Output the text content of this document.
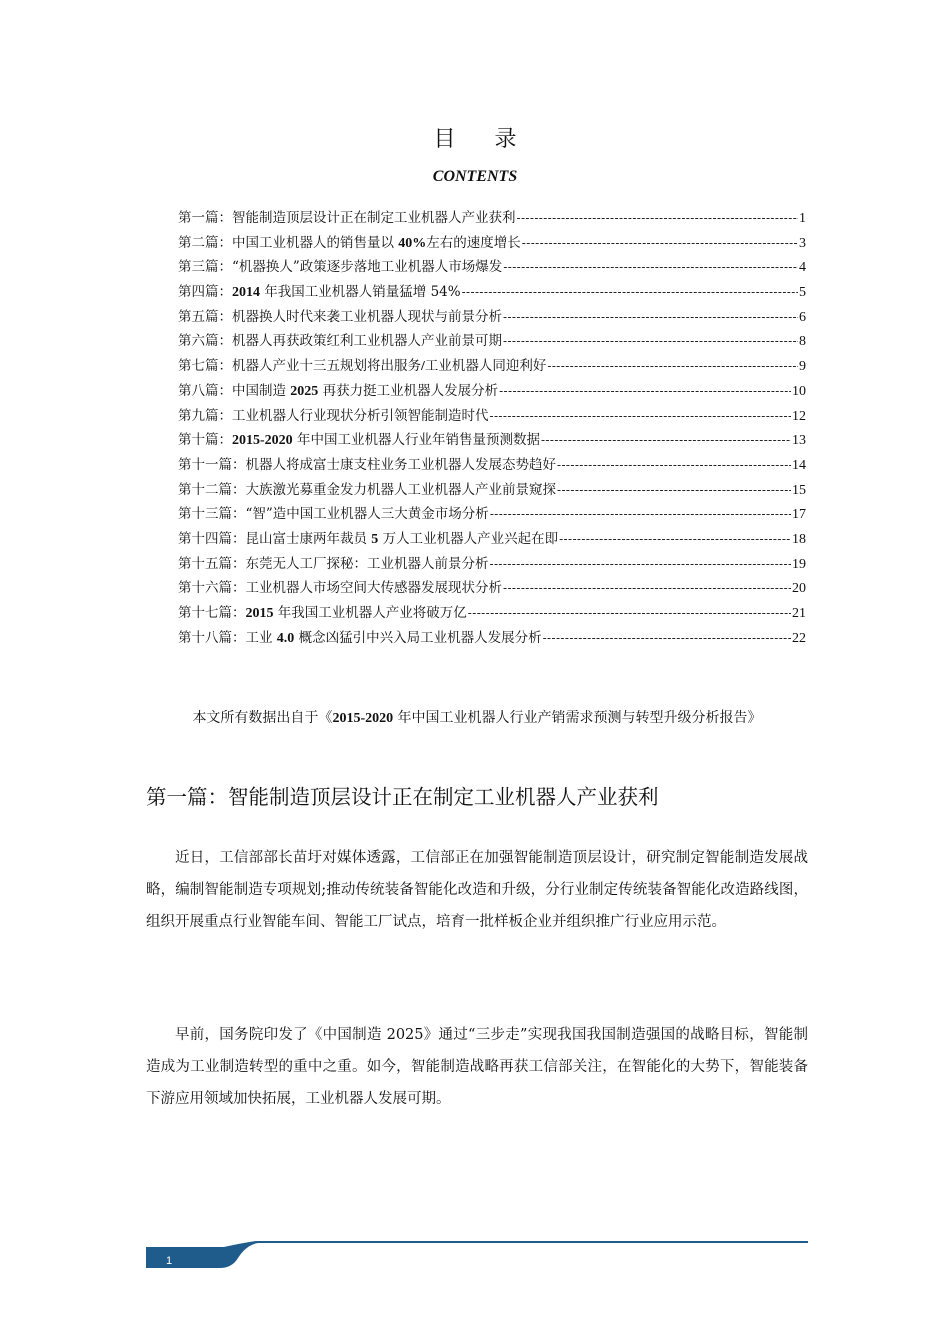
目 录
CONTENTS
第一篇：智能制造顶层设计正在制定工业机器人产业获利 -----	1
第二篇：中国工业机器人的销售量以 40%左右的速度增长 -----	3
第三篇：“机器换人”政策逐步落地工业机器人市场爆发 -----	4
第四篇：2014 年我国工业机器人销量猛增 54% -----	5
第五篇：机器换人时代来袭工业机器人现状与前景分析 -----	6
第六篇：机器人再获政策红利工业机器人产业前景可期 -----	8
第七篇：机器人产业十三五规划将出服务/工业机器人同迎利好 -----	9
第八篇：中国制造 2025 再获力挺工业机器人发展分析 -----	10
第九篇：工业机器人行业现状分析引领智能制造时代 -----	12
第十篇：2015-2020 年中国工业机器人行业年销售量预测数据 -----	13
第十一篇：机器人将成富士康支柱业务工业机器人发展态势趋好 -----	14
第十二篇：大族激光募重金发力机器人工业机器人产业前景窥探 -----	15
第十三篇：“智”造中国工业机器人三大黄金市场分析 -----	17
第十四篇：昆山富士康两年裁员 5 万人工业机器人产业兴起在即 -----	18
第十五篇：东莞无人工厂探秘：工业机器人前景分析 -----	19
第十六篇：工业机器人市场空间大传感器发展现状分析 -----	20
第十七篇：2015 年我国工业机器人产业将破万亿 -----	21
第十八篇：工业 4.0 概念凶猛引中兴入局工业机器人发展分析 -----	22
本文所有数据出自于《2015-2020 年中国工业机器人行业产销需求预测与转型升级分析报告》
第一篇：智能制造顶层设计正在制定工业机器人产业获利

近日，工信部部长苗圩对媒体透露，工信部正在加强智能制造顶层设计，研究制定智能制造发展战略，编制智能制造专项规划;推动传统装备智能化改造和升级，分行业制定传统装备智能化改造路线图，组织开展重点行业智能车间、智能工厂试点，培育一批样板企业并组织推广行业应用示范。

早前，国务院印发了《中国制造 2025》通过“三步走”实现我国我国制造强国的战略目标，智能制造成为工业制造转型的重中之重。如今，智能制造战略再获工信部关注，在智能化的大势下，智能装备下游应用领域加快拓展，工业机器人发展可期。

1
